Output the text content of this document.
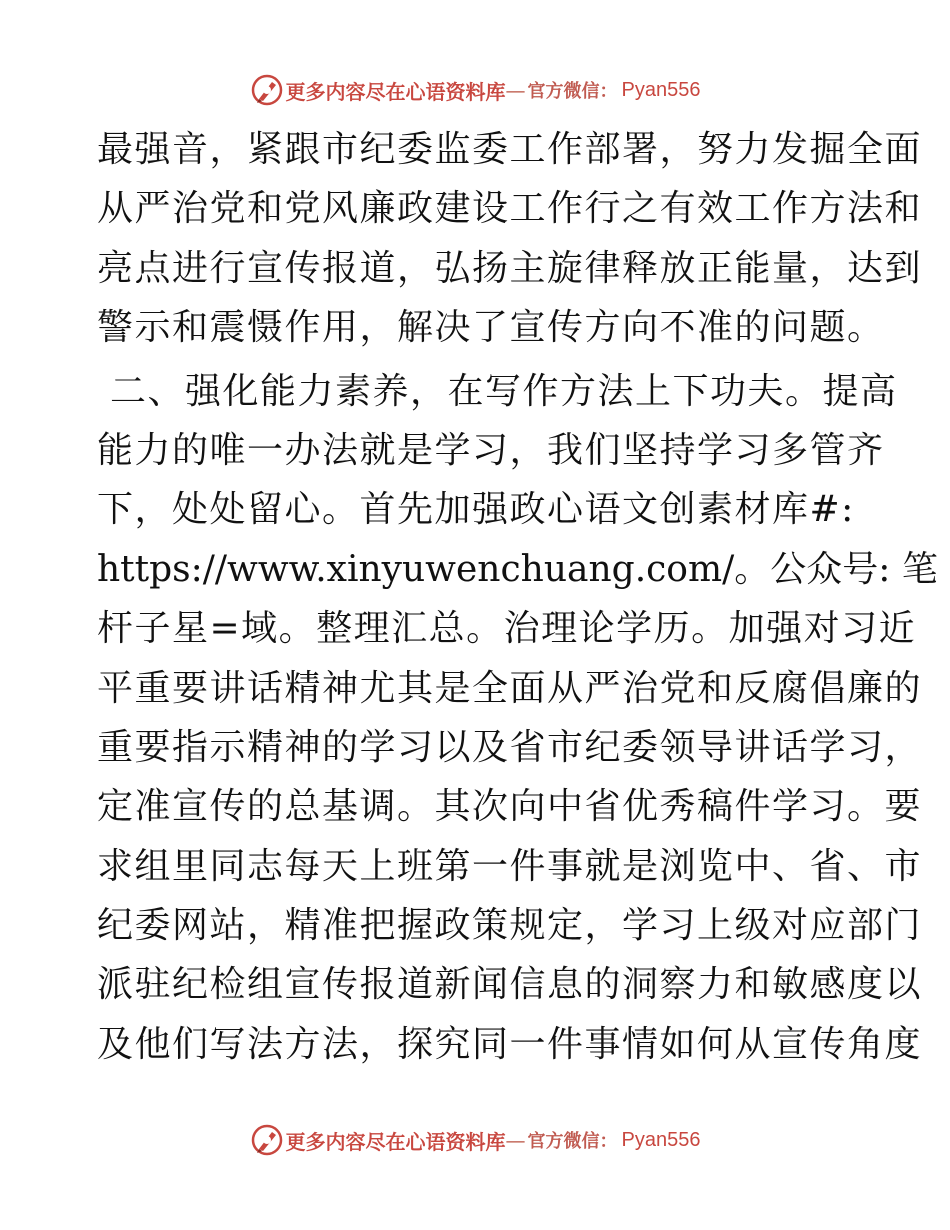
更多内容尽在心语资料库 — 官方微信： Pyan556
最强音，紧跟市纪委监委工作部署，努力发掘全面
从严治党和党风廉政建设工作行之有效工作方法和
亮点进行宣传报道，弘扬主旋律释放正能量，达到
警示和震慑作用，解决了宣传方向不准的问题。
二、强化能力素养，在写作方法上下功夫。提高
能力的唯一办法就是学习，我们坚持学习多管齐
下，处处留心。首先加强政心语文创素材库#:
https://www.xinyuwenchuang.com/。公众号: 笔
杆子星=域。整理汇总。治理论学历。加强对习近
平重要讲话精神尤其是全面从严治党和反腐倡廉的
重要指示精神的学习以及省市纪委领导讲话学习，
定准宣传的总基调。其次向中省优秀稿件学习。要
求组里同志每天上班第一件事就是浏览中、省、市
纪委网站，精准把握政策规定，学习上级对应部门
派驻纪检组宣传报道新闻信息的洞察力和敏感度以
及他们写法方法，探究同一件事情如何从宣传角度
更多内容尽在心语资料库 — 官方微信： Pyan556
